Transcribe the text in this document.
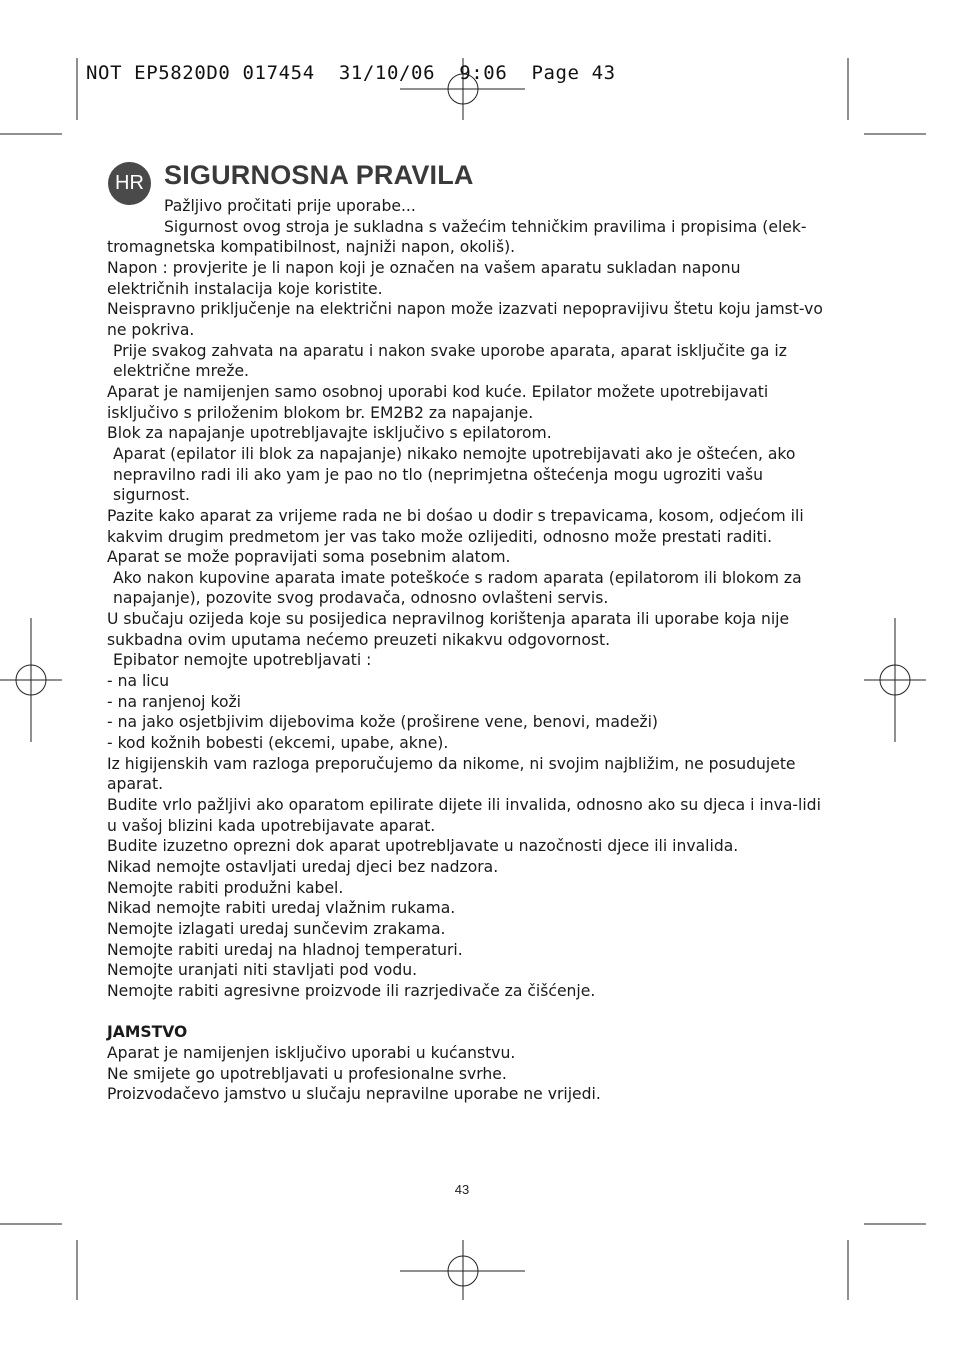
NOT EP5820D0 017454  31/10/06  9:06  Page 43
HR SIGURNOSNA PRAVILA

Pažljivo pročitati prije uporabe...

Sigurnost ovog stroja je sukladna s važećim tehničkim pravilima i propisima (elek-tromagnetska kompatibilnost, najniži napon, okoliš).

Napon : provjerite je li napon koji je označen na vašem aparatu sukladan naponu električnih instalacija koje koristite.

Neispravno priključenje na električni napon može izazvati nepopravijivu štetu koju jamst-vo ne pokriva.

Prije svakog zahvata na aparatu i nakon svake uporobe aparata, aparat isključite ga iz električne mreže.

Aparat je namijenjen samo osobnoj uporabi kod kuće. Epilator možete upotrebijavati isključivo s priloženim blokom br. EM2B2 za napajanje.

Blok za napajanje upotrebljavajte isključivo s epilatorom.

Aparat (epilator ili blok za napajanje) nikako nemojte upotrebijavati ako je oštećen, ako nepravilno radi ili ako yam je pao no tlo (neprimjetna oštećenja mogu ugroziti vašu sigurnost.

Pazite kako aparat za vrijeme rada ne bi dośao u dodir s trepavicama, kosom, odjećom ili kakvim drugim predmetom jer vas tako može ozlijediti, odnosno može prestati raditi.

Aparat se može popravijati soma posebnim alatom.

Ako nakon kupovine aparata imate poteškoće s radom aparata (epilatorom ili blokom za napajanje), pozovite svog prodavača, odnosno ovlašteni servis.

U sbučaju ozijeda koje su posijedica nepravilnog korištenja aparata ili uporabe koja nije sukbadna ovim uputama nećemo preuzeti nikakvu odgovornost.

Epibator nemojte upotrebljavati :

- na licu

- na ranjenoj koži

- na jako osjetbjivim dijebovima kože (proširene vene, benovi, madeži)

- kod kožnih bobesti (ekcemi, upabe, akne).

Iz higijenskih vam razloga preporučujemo da nikome, ni svojim najbližim, ne posudujete aparat.

Budite vrlo pažljivi ako oparatom epilirate dijete ili invalida, odnosno ako su djeca i inva-lidi u vašoj blizini kada upotrebijavate aparat.

Budite izuzetno oprezni dok aparat upotrebljavate u nazočnosti djece ili invalida.

Nikad nemojte ostavljati uredaj djeci bez nadzora.

Nemojte rabiti produžni kabel.

Nikad nemojte rabiti uredaj vlažnim rukama.

Nemojte izlagati uredaj sunčevim zrakama.

Nemojte rabiti uredaj na hladnoj temperaturi.

Nemojte uranjati niti stavljati pod vodu.

Nemojte rabiti agresivne proizvode ili razrjedivače za čišćenje.

JAMSTVO

Aparat je namijenjen isključivo uporabi u kućanstvu.

Ne smijete go upotrebljavati u profesionalne svrhe.

Proizvodačevo jamstvo u slučaju nepravilne uporabe ne vrijedi.

43
